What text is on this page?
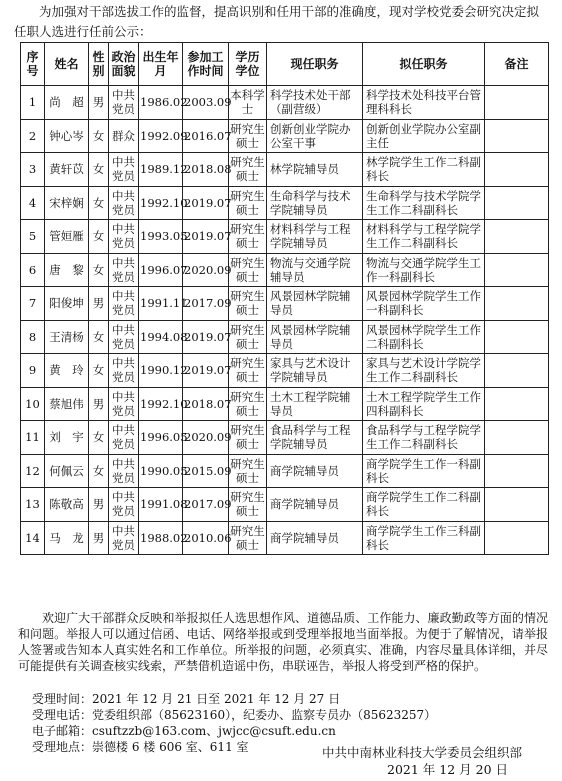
为加强对干部选拔工作的监督，提高识别和任用干部的准确度，现对学校党委会研究决定拟任职人选进行任前公示：
序号	姓名	性别	政治面貌	出生年月	参加工作时间	学历学位	现任职务	拟任职务	备注
1	尚　超	男	中共党员	1986.02	2003.09	本科学士	科学技术处干部（副营级）	科学技术处科技平台管理科科长	
2	钟心岑	女	群众	1992.09	2016.07	研究生硕士	创新创业学院办公室干事	创新创业学院办公室副主任	
3	黄轩苡	女	中共党员	1989.12	2018.08	研究生硕士	林学院辅导员	林学院学生工作二科副科长	
4	宋梓娴	女	中共党员	1992.10	2019.07	研究生硕士	生命科学与技术学院辅导员	生命科学与技术学院学生工作二科副科长	
5	管姮雁	女	中共党员	1993.05	2019.07	研究生硕士	材料科学与工程学院辅导员	材料科学与工程学院学生工作二科副科长	
6	唐　黎	女	中共党员	1996.07	2020.09	研究生硕士	物流与交通学院辅导员	物流与交通学院学生工作一科副科长	
7	阳俊坤	男	中共党员	1991.11	2017.09	研究生硕士	风景园林学院辅导员	风景园林学院学生工作一科副科长	
8	王清杨	女	中共党员	1994.08	2019.07	研究生硕士	风景园林学院辅导员	风景园林学院学生工作二科副科长	
9	黄　玲	女	中共党员	1990.12	2019.07	研究生硕士	家具与艺术设计学院辅导员	家具与艺术设计学院学生工作二科副科长	
10	蔡旭伟	男	中共党员	1992.10	2018.07	研究生硕士	土木工程学院辅导员	土木工程学院学生工作四科副科长	
11	刘　宇	女	中共党员	1996.05	2020.09	研究生硕士	食品科学与工程学院辅导员	食品科学与工程学院学生工作二科副科长	
12	何佩云	女	中共党员	1990.05	2015.09	研究生硕士	商学院辅导员	商学院学生工作一科副科长	
13	陈敬高	男	中共党员	1991.08	2017.09	研究生硕士	商学院辅导员	商学院学生工作二科副科长	
14	马　龙	男	中共党员	1988.02	2010.06	研究生硕士	商学院辅导员	商学院学生工作三科副科长	
欢迎广大干部群众反映和举报拟任人选思想作风、道德品质、工作能力、廉政勤政等方面的情况和问题。举报人可以通过信函、电话、网络举报或到受理举报地当面举报。为便于了解情况，请举报人签署或告知本人真实姓名和工作单位。所举报的问题，必须真实、准确，内容尽量具体详细，并尽可能提供有关调查核实线索，严禁借机造谣中伤，串联诬告，举报人将受到严格的保护。
受理时间：2021 年 12 月 21 日至 2021 年 12 月 27 日
受理电话：党委组织部（85623160），纪委办、监察专员办（85623257）
电子邮箱：csuftzzb@163.com、jwjcc@csuft.edu.cn
受理地点：崇德楼 6 楼 606 室、611 室	中共中南林业科技大学委员会组织部
2021 年 12 月 20 日
